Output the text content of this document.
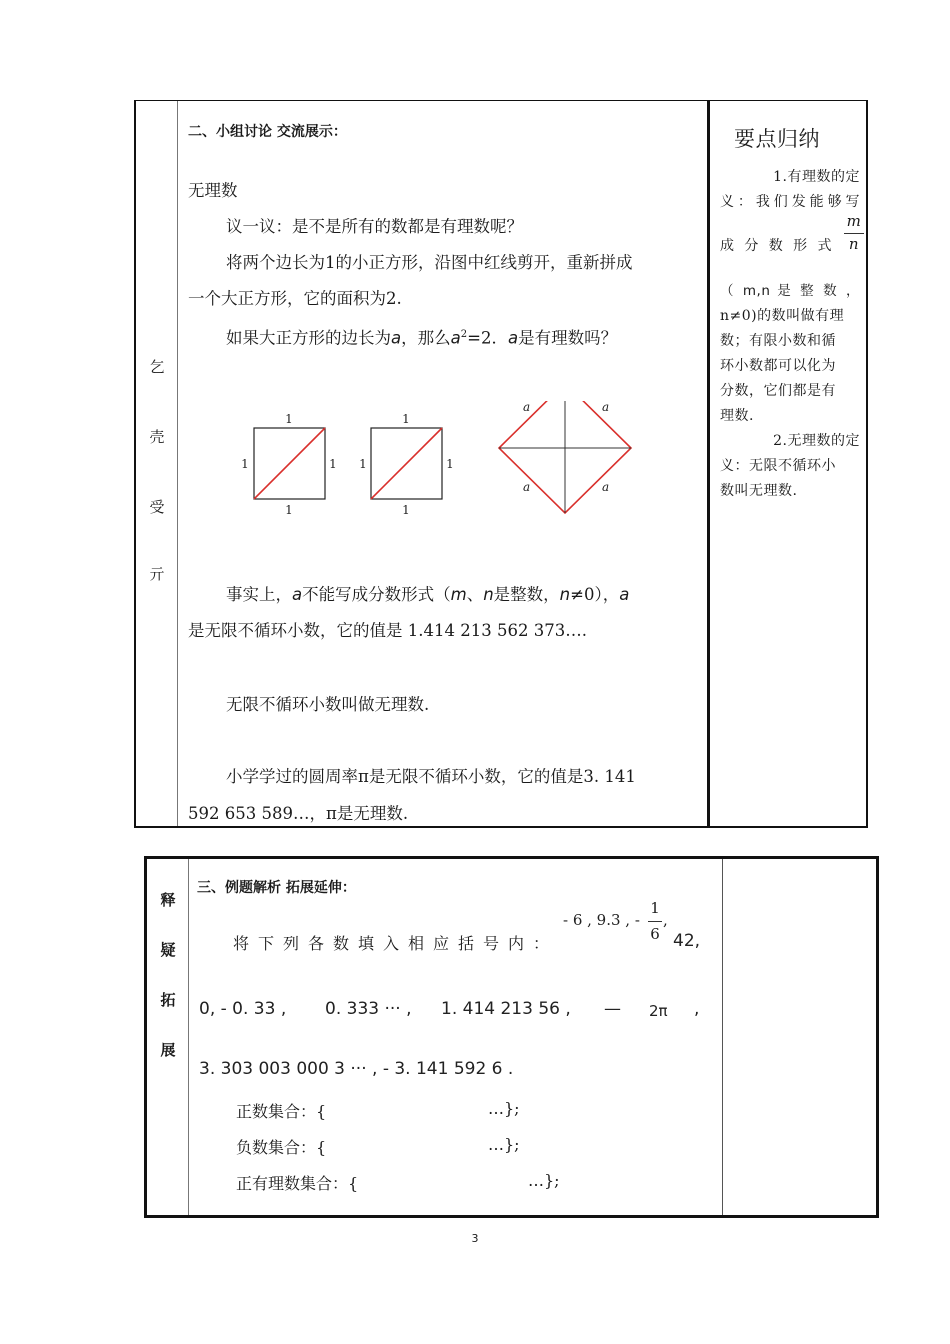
乞
壳
受
亓
二、小组讨论 交流展示：
无理数
议一议：是不是所有的数都是有理数呢？
将两个边长为1的小正方形，沿图中红线剪开，重新拼成
一个大正方形，它的面积为2.
如果大正方形的边长为a，那么$a^2=2$．a是有理数吗？
1
1
1	1
1
1
1	1
a	a
a	a
事实上，a不能写成分数形式（m、n是整数，n≠0），a
是无限不循环小数，它的值是 1.414 213 562 373….
无限不循环小数叫做无理数.
小学学过的圆周率π是无限不循环小数，它的值是3. 141
592 653 589…，π是无理数.
要点归纳
1.有理数的定
义：我们发能够写
成 分 数 形 式
m
n
（ m,n 是 整 数 ，
n≠0)的数叫做有理
数；有限小数和循
环小数都可以化为
分数，它们都是有
理数.
2.无理数的定
义：无限不循环小
数叫无理数.
释
疑
拓
展
三、例题解析 拓展延伸：
将下列各数填入相应括号内：
- 6 , 9.3 , -
1
6
,
42,
0, - 0. 33 , 0. 333 ··· , 1. 414 213 56 , — 2π ,
3. 303 003 000 3 ··· , - 3. 141 592 6 .
正数集合：{	…};
负数集合：{	…};
正有理数集合：{	…};
3
